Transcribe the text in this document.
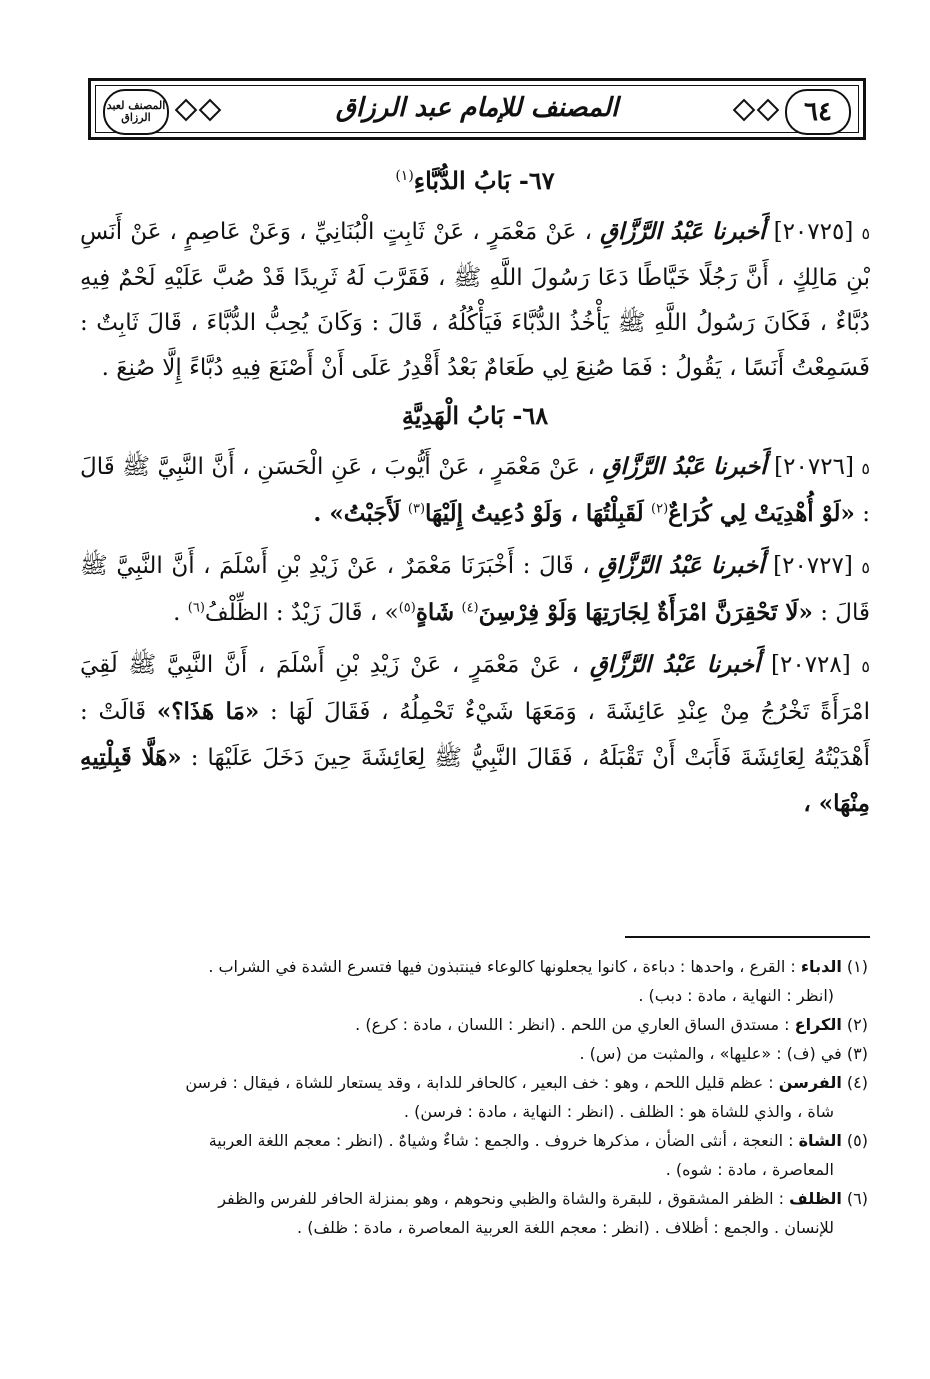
٦٤
المصنف للإمام عبد الرزاق
المصنف لعبد الرزاق
٦٧- بَابُ الدُّبَّاءِ$^{(١)}$
٥ [٢٠٧٢٥] أَخبرنا عَبْدُ الرَّزَّاقِ ، عَنْ مَعْمَرٍ ، عَنْ ثَابِتٍ الْبُنَانِيِّ ، وَعَنْ عَاصِمٍ ، عَنْ أَنَسِ بْنِ مَالِكٍ ، أَنَّ رَجُلًا خَيَّاطًا دَعَا رَسُولَ اللَّهِ ﷺ ، فَقَرَّبَ لَهُ ثَرِيدًا قَدْ صُبَّ عَلَيْهِ لَحْمٌ فِيهِ دُبَّاءٌ ، فَكَانَ رَسُولُ اللَّهِ ﷺ يَأْخُذُ الدُّبَّاءَ فَيَأْكُلُهُ ، قَالَ : وَكَانَ يُحِبُّ الدُّبَّاءَ ، قَالَ ثَابِتٌ : فَسَمِعْتُ أَنَسًا ، يَقُولُ : فَمَا صُنِعَ لِي طَعَامٌ بَعْدُ أَقْدِرُ عَلَى أَنْ أَصْنَعَ فِيهِ دُبَّاءً إِلَّا صُنِعَ .
٦٨- بَابُ الْهَدِيَّةِ
٥ [٢٠٧٢٦] أَخبرنا عَبْدُ الرَّزَّاقِ ، عَنْ مَعْمَرٍ ، عَنْ أَيُّوبَ ، عَنِ الْحَسَنِ ، أَنَّ النَّبِيَّ ﷺ قَالَ : «لَوْ أُهْدِيَتْ لِي كُرَاعٌ$^{(٢)}$ لَقَبِلْتُهَا ، وَلَوْ دُعِيتُ إِلَيْهَا$^{(٣)}$ لَأَجَبْتُ» .
٥ [٢٠٧٢٧] أَخبرنا عَبْدُ الرَّزَّاقِ ، قَالَ : أَخْبَرَنَا مَعْمَرٌ ، عَنْ زَيْدِ بْنِ أَسْلَمَ ، أَنَّ النَّبِيَّ ﷺ قَالَ : «لَا تَحْقِرَنَّ امْرَأَةٌ لِجَارَتِهَا وَلَوْ فِرْسِنَ$^{(٤)}$ شَاةٍ$^{(٥)}$» ، قَالَ زَيْدٌ : الظِّلْفُ$^{(٦)}$ .
٥ [٢٠٧٢٨] أَخبرنا عَبْدُ الرَّزَّاقِ ، عَنْ مَعْمَرٍ ، عَنْ زَيْدِ بْنِ أَسْلَمَ ، أَنَّ النَّبِيَّ ﷺ لَقِيَ امْرَأَةً تَخْرُجُ مِنْ عِنْدِ عَائِشَةَ ، وَمَعَهَا شَيْءٌ تَحْمِلُهُ ، فَقَالَ لَهَا : «مَا هَذَا؟» قَالَتْ : أَهْدَيْتُهُ لِعَائِشَةَ فَأَبَتْ أَنْ تَقْبَلَهُ ، فَقَالَ النَّبِيُّ ﷺ لِعَائِشَةَ حِينَ دَخَلَ عَلَيْهَا : «هَلَّا قَبِلْتِيهِ مِنْهَا» ،
(١) الدباء : القرع ، واحدها : دباءة ، كانوا يجعلونها كالوعاء فينتبذون فيها فتسرع الشدة في الشراب .
(انظر : النهاية ، مادة : دبب) .
(٢) الكراع : مستدق الساق العاري من اللحم . (انظر : اللسان ، مادة : كرع) .
(٣) في (ف) : «عليها» ، والمثبت من (س) .
(٤) الفرسن : عظم قليل اللحم ، وهو : خف البعير ، كالحافر للدابة ، وقد يستعار للشاة ، فيقال : فرسن
شاة ، والذي للشاة هو : الظلف . (انظر : النهاية ، مادة : فرسن) .
(٥) الشاة : النعجة ، أنثى الضأن ، مذكرها خروف . والجمع : شاءٌ وشياهٌ . (انظر : معجم اللغة العربية
المعاصرة ، مادة : شوه) .
(٦) الظلف : الظفر المشقوق ، للبقرة والشاة والظبي ونحوهم ، وهو بمنزلة الحافر للفرس والظفر
للإنسان . والجمع : أظلاف . (انظر : معجم اللغة العربية المعاصرة ، مادة : ظلف) .
